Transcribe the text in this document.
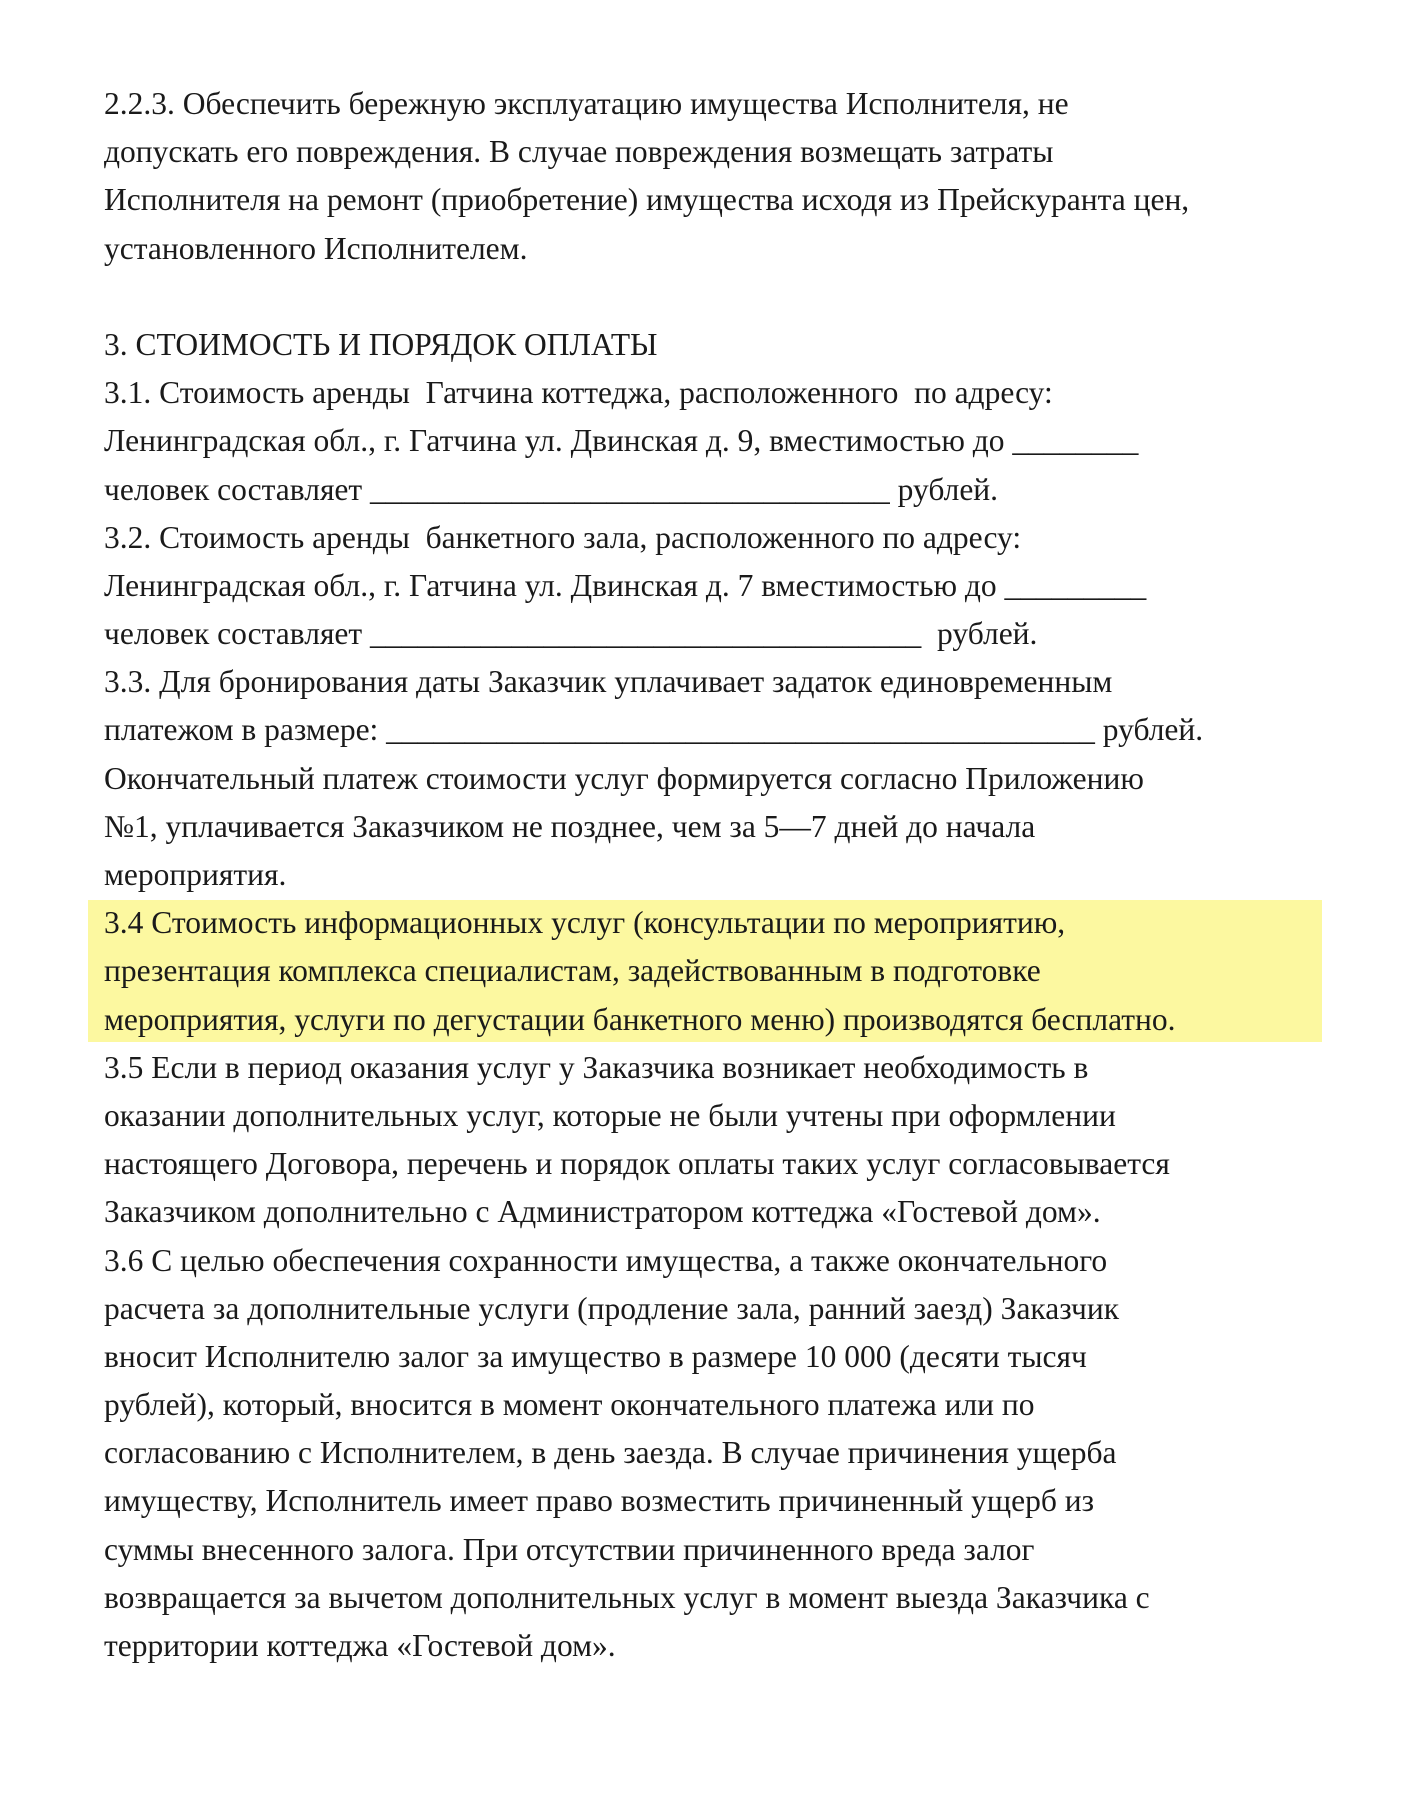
2.2.3. Обеспечить бережную эксплуатацию имущества Исполнителя, не
допускать его повреждения. В случае повреждения возмещать затраты
Исполнителя на ремонт (приобретение) имущества исходя из Прейскуранта цен,
установленного Исполнителем.
3. СТОИМОСТЬ И ПОРЯДОК ОПЛАТЫ
3.1. Стоимость аренды  Гатчина коттеджа, расположенного  по адресу:
Ленинградская обл., г. Гатчина ул. Двинская д. 9, вместимостью до ________
человек составляет _________________________________ рублей.
3.2. Стоимость аренды  банкетного зала, расположенного по адресу:
Ленинградская обл., г. Гатчина ул. Двинская д. 7 вместимостью до _________
человек составляет ___________________________________  рублей.
3.3. Для бронирования даты Заказчик уплачивает задаток единовременным
платежом в размере: _____________________________________________ рублей.
Окончательный платеж стоимости услуг формируется согласно Приложению
№1, уплачивается Заказчиком не позднее, чем за 5—7 дней до начала
мероприятия.
3.4 Стоимость информационных услуг (консультации по мероприятию,
презентация комплекса специалистам, задействованным в подготовке
мероприятия, услуги по дегустации банкетного меню) производятся бесплатно.
3.5 Если в период оказания услуг у Заказчика возникает необходимость в
оказании дополнительных услуг, которые не были учтены при оформлении
настоящего Договора, перечень и порядок оплаты таких услуг согласовывается
Заказчиком дополнительно с Администратором коттеджа «Гостевой дом».
3.6 С целью обеспечения сохранности имущества, а также окончательного
расчета за дополнительные услуги (продление зала, ранний заезд) Заказчик
вносит Исполнителю залог за имущество в размере 10 000 (десяти тысяч
рублей), который, вносится в момент окончательного платежа или по
согласованию с Исполнителем, в день заезда. В случае причинения ущерба
имуществу, Исполнитель имеет право возместить причиненный ущерб из
суммы внесенного залога. При отсутствии причиненного вреда залог
возвращается за вычетом дополнительных услуг в момент выезда Заказчика с
территории коттеджа «Гостевой дом».
